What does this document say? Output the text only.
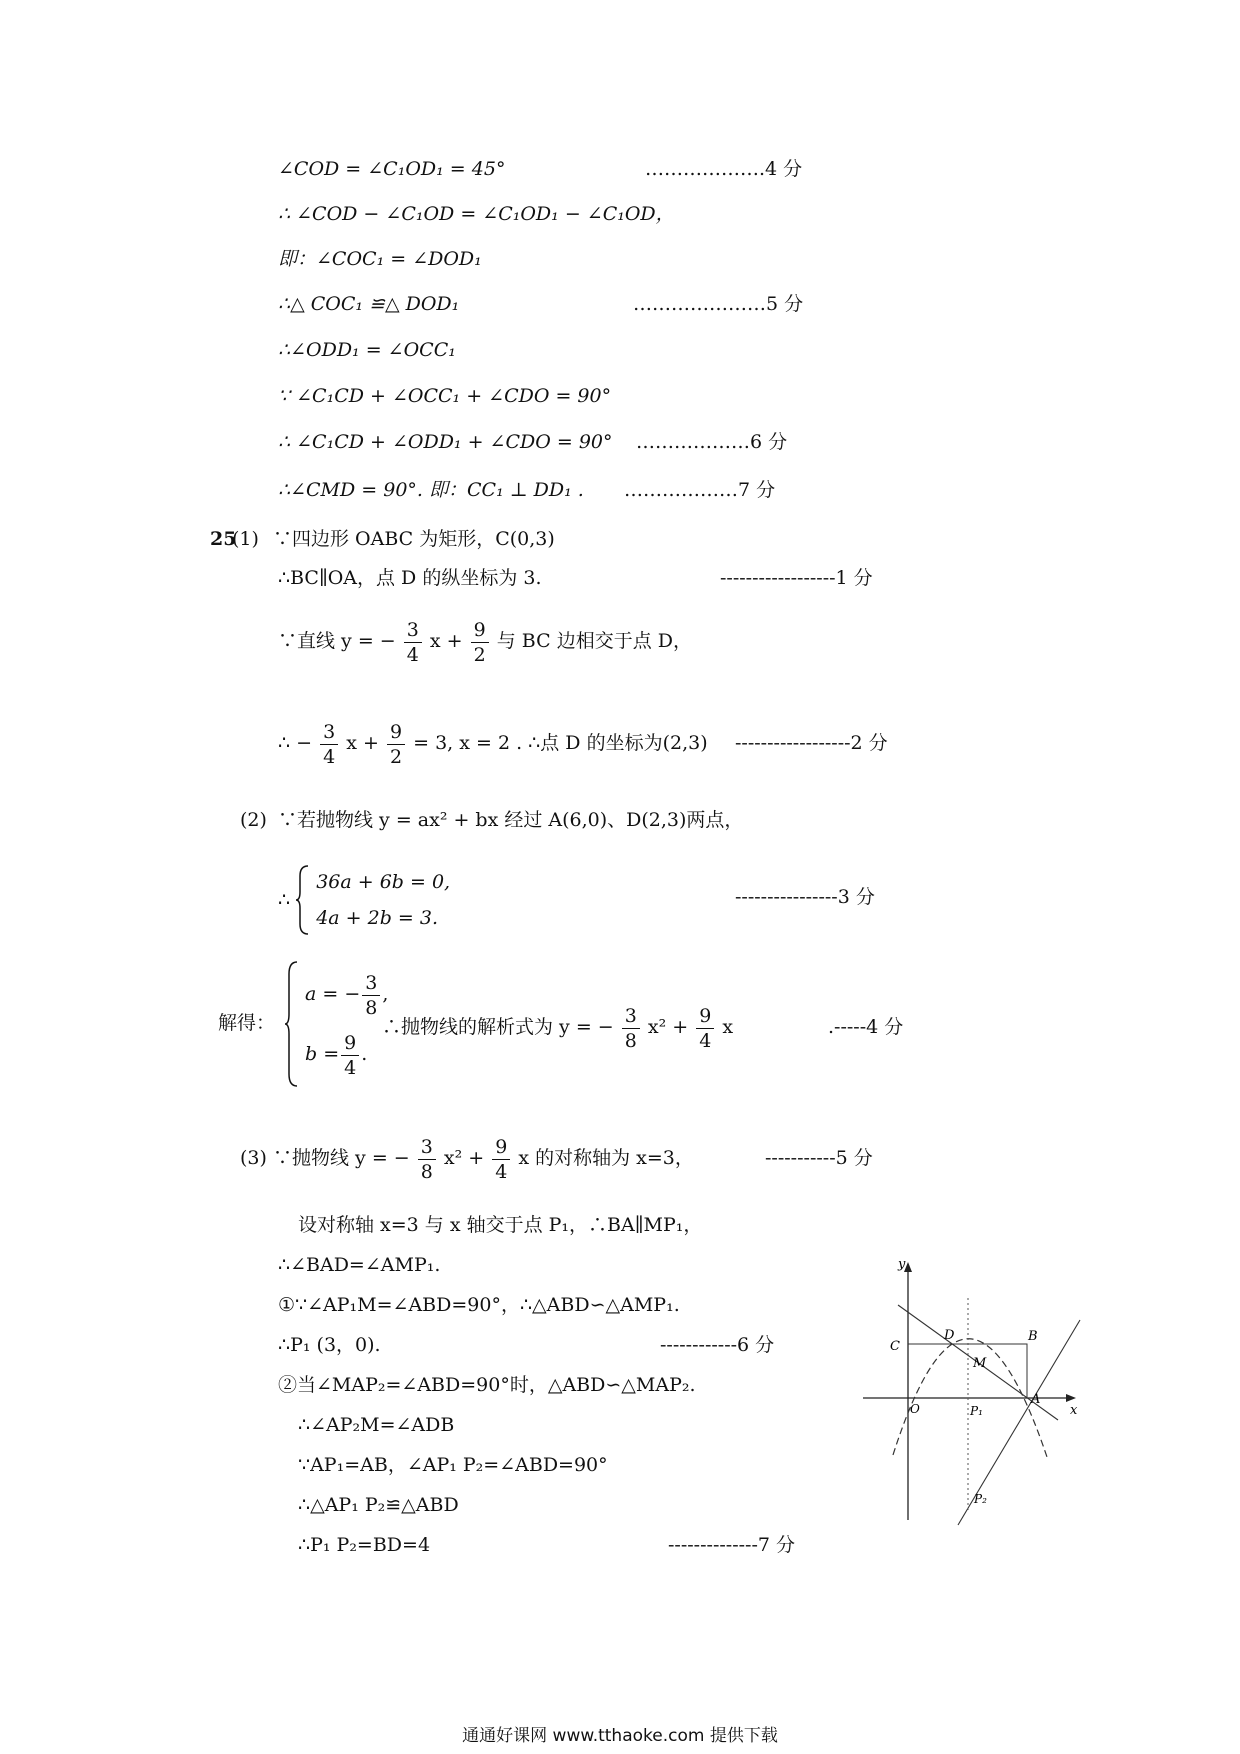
∠COD = ∠C₁OD₁ = 45°	……………….4 分
∴ ∠COD − ∠C₁OD = ∠C₁OD₁ − ∠C₁OD，
即：∠COC₁ = ∠DOD₁
∴△ COC₁ ≌△ DOD₁	…………………5 分
∴∠ODD₁ = ∠OCC₁
∵ ∠C₁CD + ∠OCC₁ + ∠CDO = 90°
∴ ∠C₁CD + ∠ODD₁ + ∠CDO = 90° ………………6 分
∴∠CMD = 90°. 即：CC₁ ⊥ DD₁ . ………………7 分
25
(1) ∵四边形 OABC 为矩形，C(0,3)
∴BC∥OA，点 D 的纵坐标为 3.	------------------1 分
∵直线 y = − $\frac{3}{4}$ $x + \frac{9}{2}$ 与 BC 边相交于点 D，
∴ − $\frac{3}{4}$ $x + \frac{9}{2} = 3$, x = 2 . ∴点 D 的坐标为(2,3) ------------------2 分
(2) ∵若抛物线 y = ax² + bx 经过 A(6,0)、D(2,3)两点，
∴
36a + 6b = 0,
4a + 2b = 3.
----------------3 分
解得：

a = − $\frac{3}{8}$ ,
$b = \frac{9}{4}$ .
∴抛物线的解析式为 y = − $\frac{3}{8} x^2 + \frac{9}{4}$ x	.-----4 分
(3) ∵抛物线 y = − $\frac{3}{8} x^2 + \frac{9}{4}$ x 的对称轴为 x=3，	-----------5 分
设对称轴 x=3 与 x 轴交于点 P₁，∴BA∥MP₁，
∴∠BAD=∠AMP₁.
①∵∠AP₁M=∠ABD=90°，∴△ABD∽△AMP₁.
∴P₁ (3，0).	------------6 分
②当∠MAP₂=∠ABD=90°时，△ABD∽△MAP₂.
∴∠AP₂M=∠ADB
∵AP₁=AB，∠AP₁ P₂=∠ABD=90°
∴△AP₁ P₂≌△ABD
∴P₁ P₂=BD=4	--------------7 分
y
x
C
D	B
M
O	P₁
A
P₂
通通好课网 www.tthaoke.com 提供下载
